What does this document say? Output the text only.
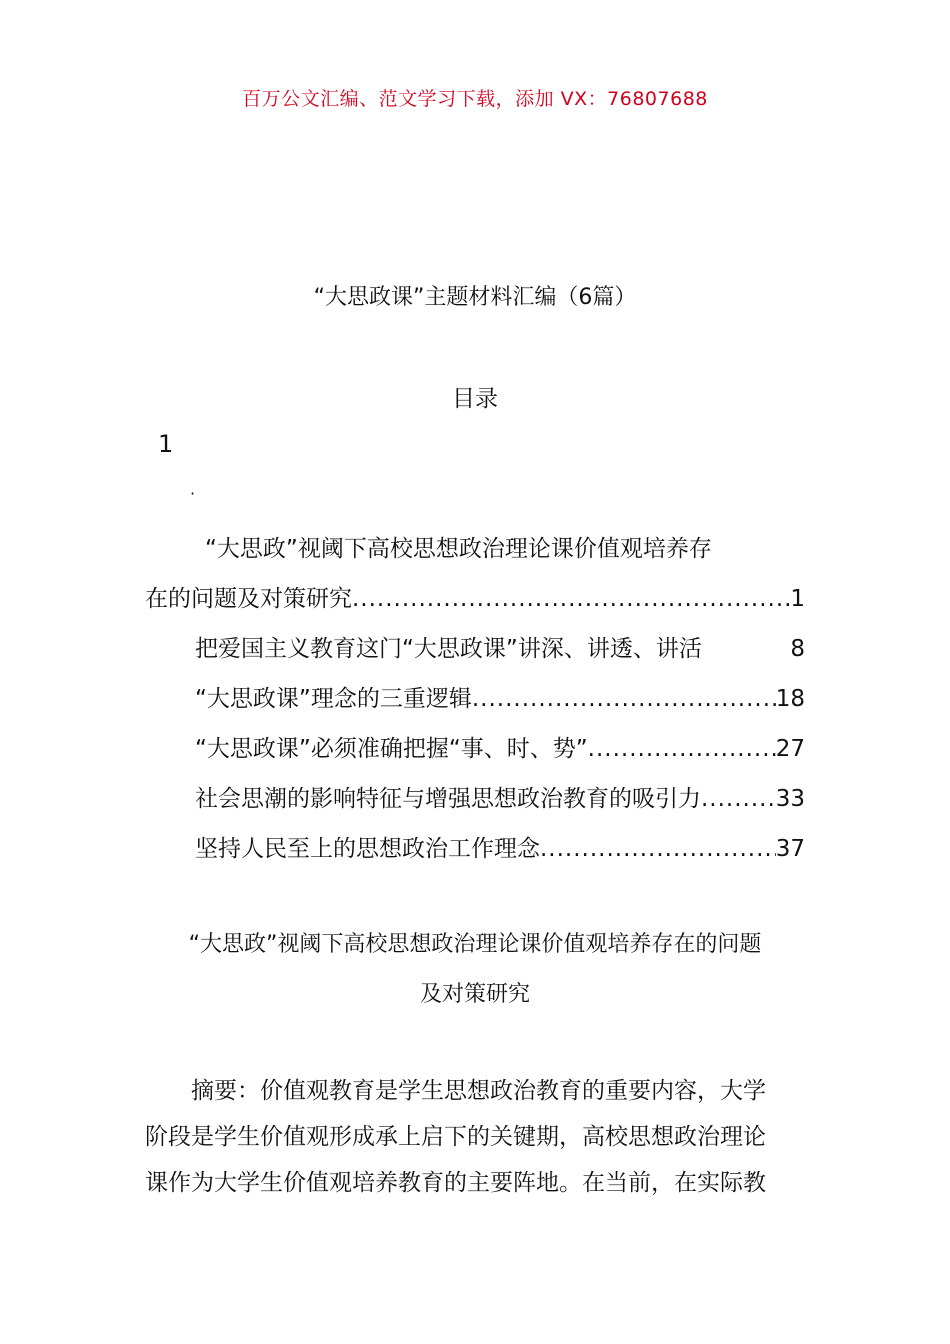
百万公文汇编、范文学习下载，添加 VX：76807688
“大思政课”主题材料汇编（6篇）
目录
1
·
“大思政”视阈下高校思想政治理论课价值观培养存
在的问题及对策研究 .....	1
把爱国主义教育这门“大思政课”讲深、讲透、讲活	8
“大思政课”理念的三重逻辑 .....	18
“大思政课”必须准确把握“事、时、势” .....	27
社会思潮的影响特征与增强思想政治教育的吸引力 .....	33
坚持人民至上的思想政治工作理念 .....	37
“大思政”视阈下高校思想政治理论课价值观培养存在的问题
及对策研究
摘要：价值观教育是学生思想政治教育的重要内容，大学
阶段是学生价值观形成承上启下的关键期，高校思想政治理论
课作为大学生价值观培养教育的主要阵地。在当前，在实际教
